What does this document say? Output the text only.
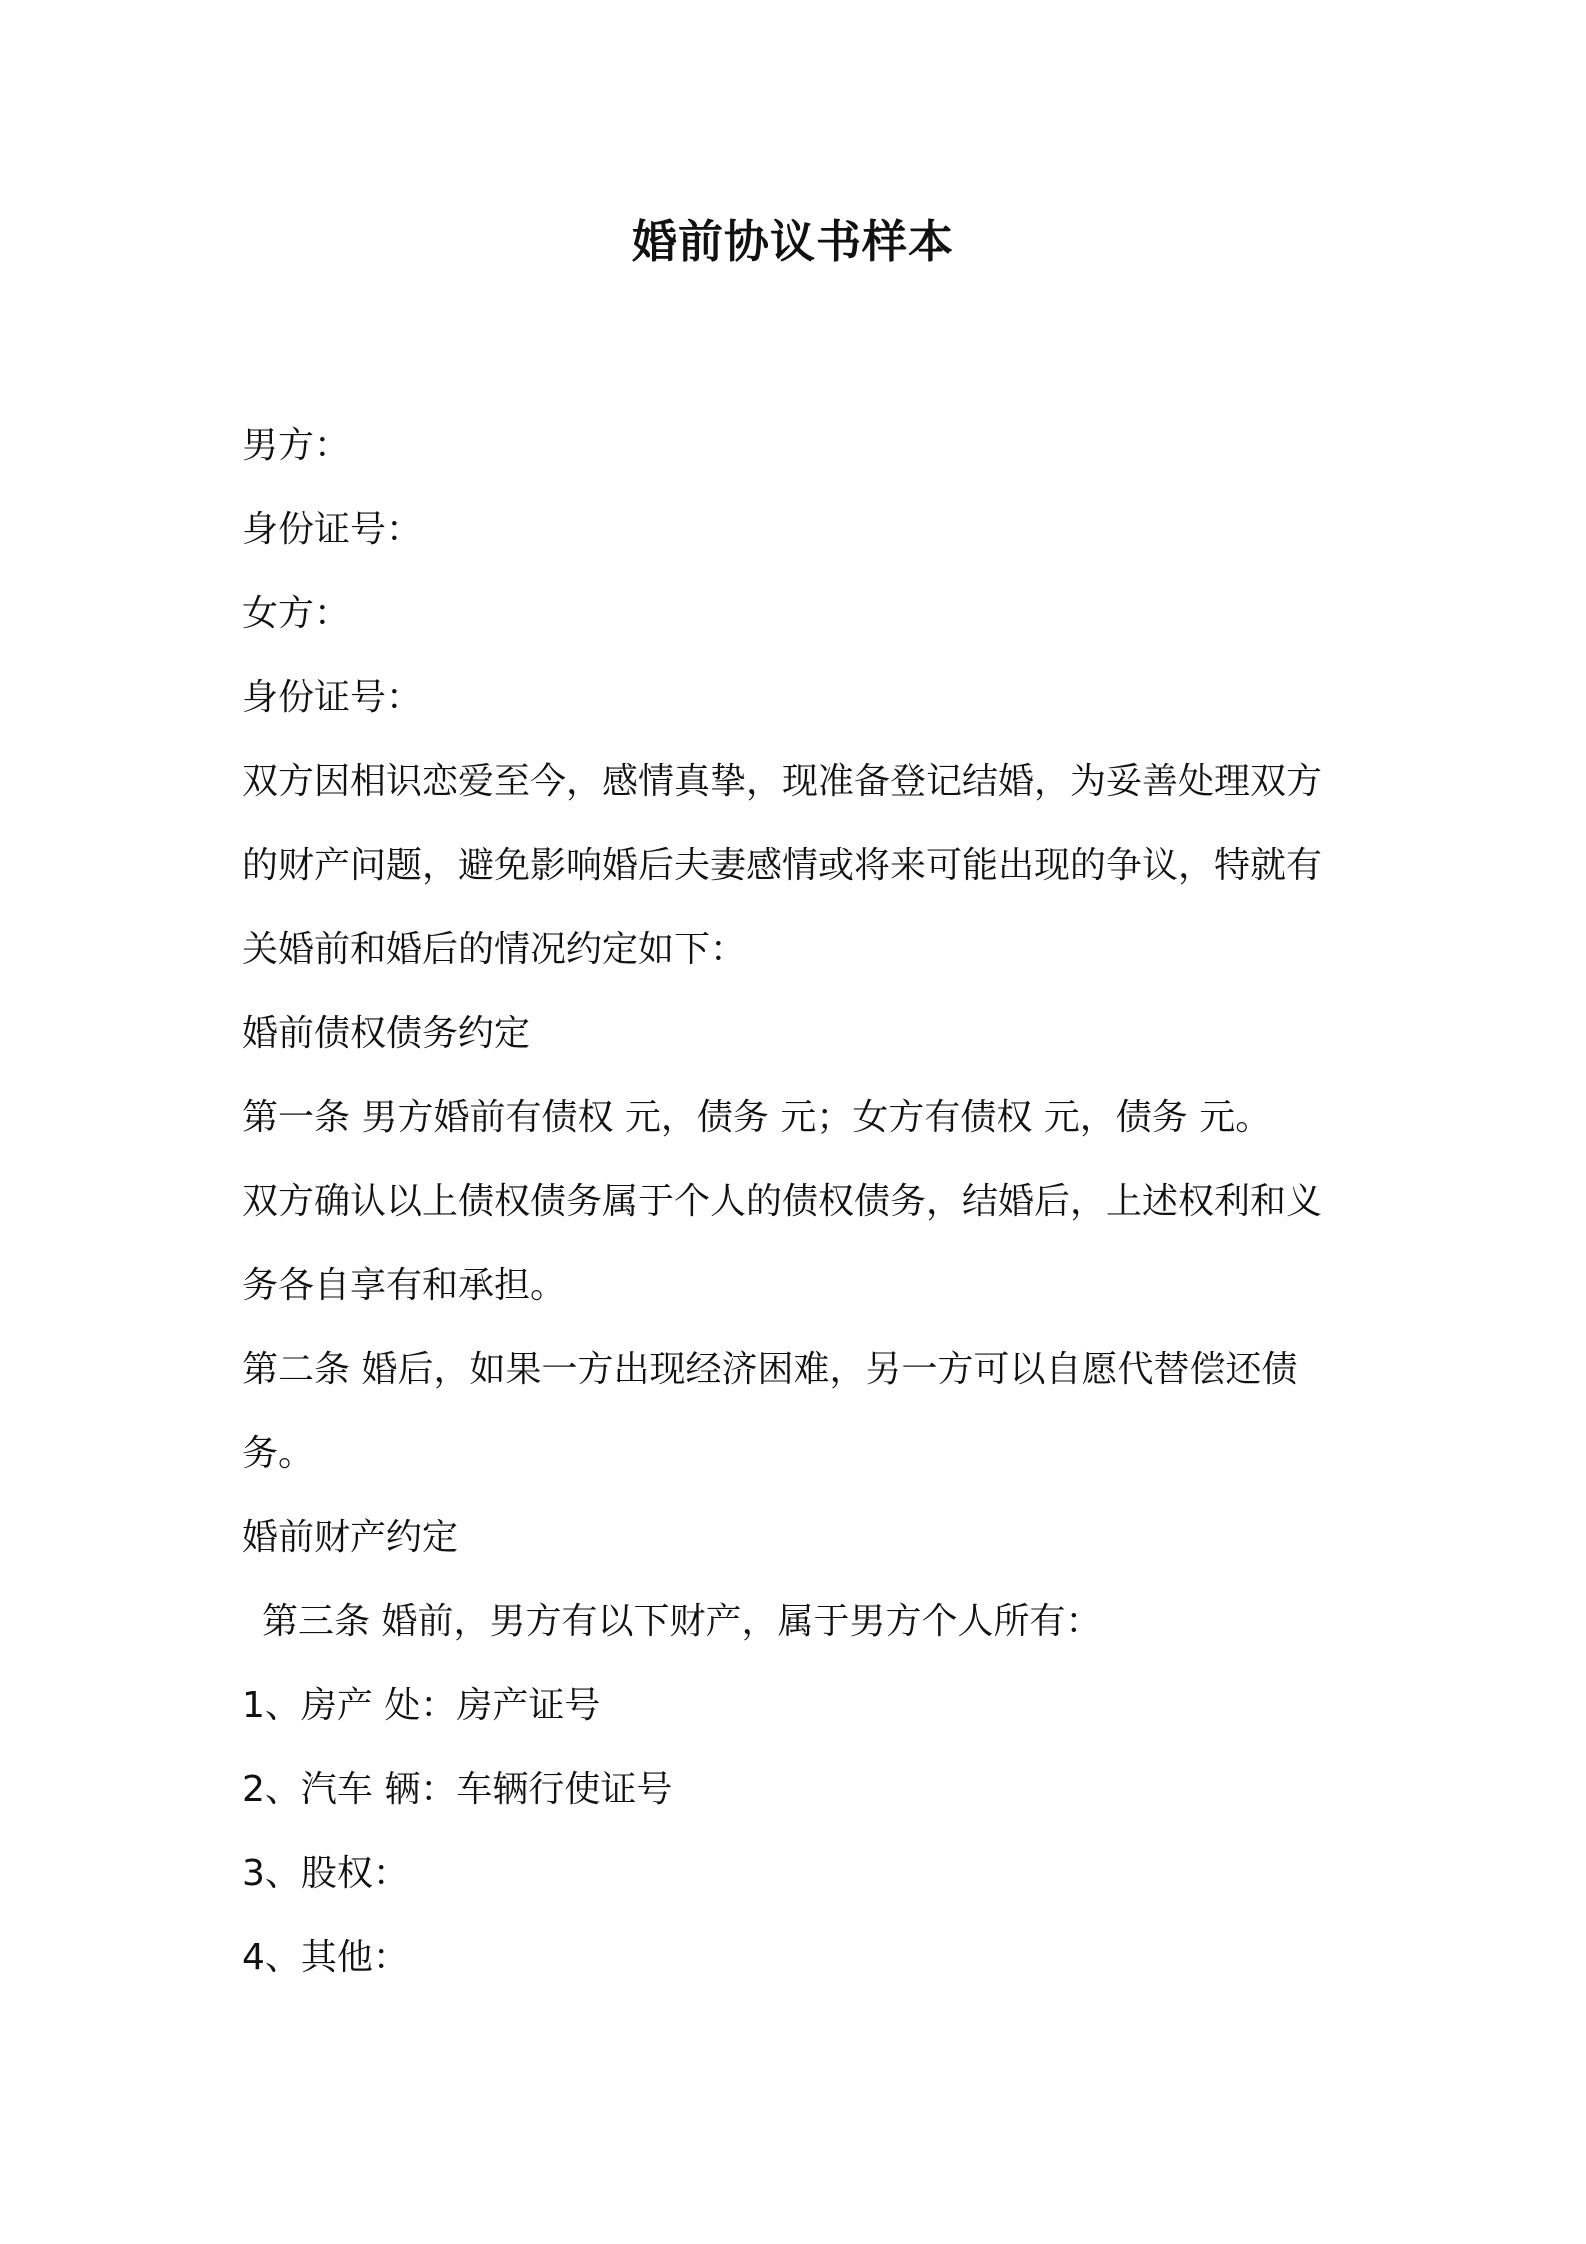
婚前协议书样本

男方：

身份证号：

女方：

身份证号：

双方因相识恋爱至今，感情真挚，现准备登记结婚，为妥善处理双方

的财产问题，避免影响婚后夫妻感情或将来可能出现的争议，特就有

关婚前和婚后的情况约定如下：

婚前债权债务约定

第一条 男方婚前有债权 元，债务 元；女方有债权 元，债务 元。

双方确认以上债权债务属于个人的债权债务，结婚后，上述权利和义

务各自享有和承担。

第二条 婚后，如果一方出现经济困难，另一方可以自愿代替偿还债

务。

婚前财产约定

第三条 婚前，男方有以下财产，属于男方个人所有：

1、房产 处：房产证号

2、汽车 辆：车辆行使证号

3、股权：

4、其他：
